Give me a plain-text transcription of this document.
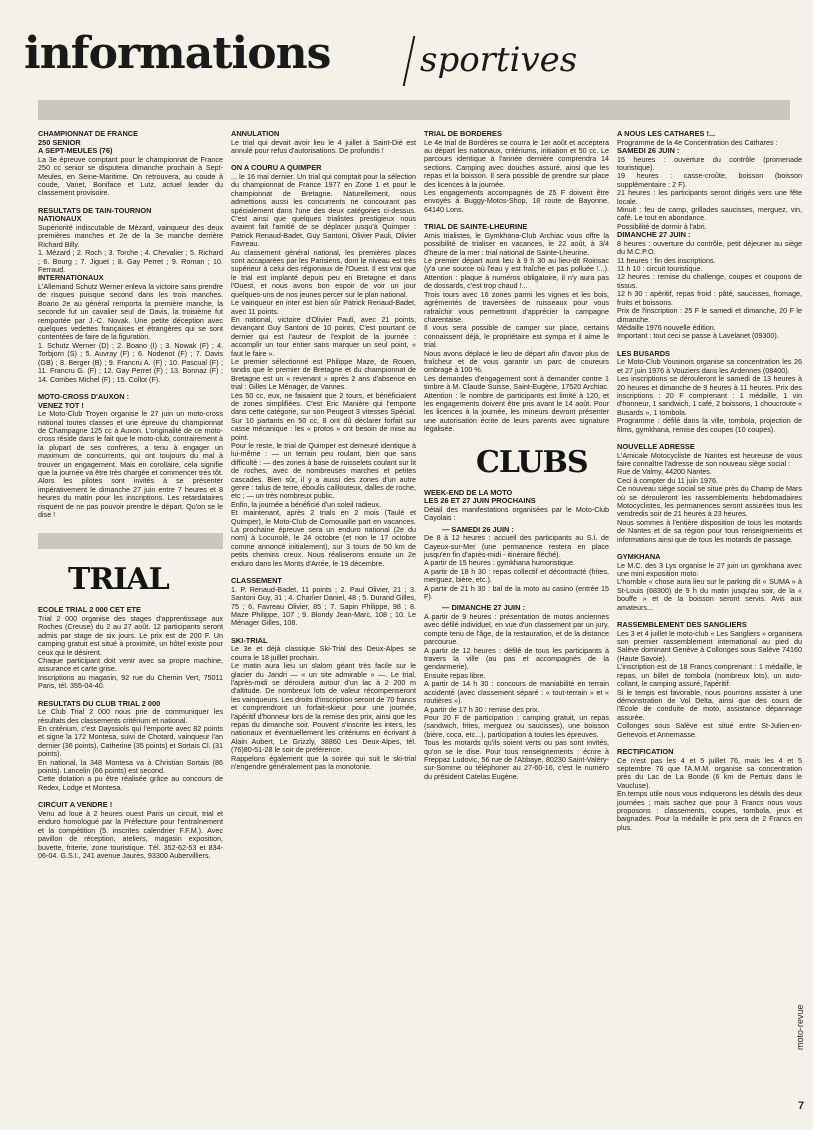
informations	sportives
CHAMPIONNAT DE FRANCE
250 SENIOR
A SEPT-MEULES (76)

La 3e épreuve comptant pour le championnat de France 250 cc senior se disputera dimanche prochain à Sept-Meules, en Seine-Maritime. On retrouvera, au coude à coude, Vanet, Boniface et Lutz, actuel leader du classement provisoire.

RESULTATS DE TAIN-TOURNON
NATIONAUX

Supériorité indiscutable de Mézard, vainqueur des deux premières manches et 2e de la 3e manche derrière Richard Billy.

1. Mézard ; 2. Roch ; 3. Torche ; 4. Chevalier ; 5. Richard ; 6. Bourg ; 7. Jiguet ; 8. Gay Perret ; 9. Roman ; 10. Ferraud.

INTERNATIONAUX

L'Allemand Schutz Werner enleva la victoire sans prendre de risques puisque second dans les trois manches. Boano 2e au général remporta la première manche, la seconde fut un cavalier seul de Davis, la troisième fut remportée par J.-C. Novak. Une petite déception avec quelques vedettes françaises et étrangères qui se sont contentées de faire de la figuration.

1. Schutz Werner (D) ; 2. Boano (I) ; 3. Nowak (F) ; 4. Torbjorn (S) ; 5. Auvray (F) ; 6. Nodenot (F) ; 7. Davis (GB) ; 8. Berger (B) ; 9. Francru A. (F) ; 10. Pascual (F) ; 11. Francru G. (F) ; 12. Gay Perret (F) ; 13. Bonnaz (F) ; 14. Combes Michel (F) ; 15. Collot (F).

MOTO-CROSS D'AUXON :
VENEZ TOT !

Le Moto-Club Troyen organise le 27 juin un moto-cross national toutes classes et une épreuve du championnat de Champagne 125 cc à Auxon. L'originalité de ce moto-cross réside dans le fait que le moto-club, contrairement à la plupart de ses confrères, a tenu à engager un maximum de concurrents, qui ont toujours du mal à trouver un engagement. Mais en corollaire, cela signifie que la journée va être très chargée et commencer très tôt. Alors les pilotes sont invités à se présenter impérativement le dimanche 27 juin entre 7 heures et 8 heures du matin pour les inscriptions. Les retardataires risquent de ne pas pouvoir prendre le départ. Qu'on se le dise !

TRIAL
ECOLE TRIAL 2 000 CET ETE

Trial 2 000 organise des stages d'apprentissage aux Roches (Creuse) du 2 au 27 août. 12 participants seront admis par stage de six jours. Le prix est de 200 F. Un camping gratuit est situé à proximité, un hôtel existe pour ceux qui le désirent.

Chaque participant doit venir avec sa propre machine, assurance et carte grise.

Inscriptions au magasin, 92 rue du Chemin Vert, 75011 Paris, tél. 355-04-40.

RESULTATS DU CLUB TRIAL 2 000

Le Club Trial 2 000 nous prie de communiquer les résultats des classements critérium et national.

En critérium, c'est Dayssiols qui l'emporte avec 82 points et signe la 172 Montesa, suivi de Chotard, vainqueur l'an dernier (36 points), Catherine (35 points) et Sortais Cl. (31 points).

En national, la 348 Montesa va à Christian Sortais (86 points). Lancelin (66 points) est second.

Cette dotation a pu être réalisée grâce au concours de Redex, Lodge et Montesa.

CIRCUIT A VENDRE !

Venu ad loue à 2 heures ouest Paris un circuit, trial et enduro homologué par la Préfecture pour l'entraînement et la compétition (5. inscrites calendrier F.F.M.). Avec pavillon de réception, ateliers, magasin exposition, buvette, friterie, zone touristique. Tél. 352-62-53 et 834-06-04. G.S.I., 241 avenue Jaurès, 93300 Aubervilliers.

ANNULATION

Le trial qui devait avoir lieu le 4 juillet à Saint-Dié est annulé pour refus d'autorisations. De profundis !

ON A COURU A QUIMPER

... le 16 mai dernier. Un trial qui comptait pour la sélection du championnat de France 1977 en Zone 1 et pour le championnat de Bretagne. Naturellement, nous admettions aussi les concurrents ne concourant pas spécialement dans l'une des deux catégories ci-dessus. C'est ainsi que quelques trialistes prestigieux nous avaient fait l'amitié de se déplacer jusqu'à Quimper : Patrick Renaud-Badet, Guy Santoni, Olivier Pauli, Olivier Favreau.

Au classement général national, les premières places sont accaparées par les Parisiens, dont le niveau est très supérieur à celui des régionaux de l'Ouest. Il est vrai que le trial est implanté depuis peu en Bretagne et dans l'Ouest, et nous avons bon espoir de voir un jour quelques-uns de nos jeunes percer sur le plan national.

Le vainqueur en inter est bien sûr Patrick Renaud-Badet, avec 11 points.

En national, victoire d'Olivier Pauli, avec 21 points, devançant Guy Santoni de 10 points. C'est pourtant ce dernier qui est l'auteur de l'exploit de la journée : accomplir un tour entier sans marquer un seul point, « faut le faire ».

Le premier sélectionné est Philippe Maze, de Rouen, tandis que le premier de Bretagne et du championnat de Bretagne est un « revenant » après 2 ans d'absence en trial : Gilles Le Ménager, de Vannes.

Les 50 cc, eux, ne faisaient que 2 tours, et bénéficiaient de zones simplifiées. C'est Eric Manière qui l'emporte dans cette catégorie, sur son Peugeot 3 vitesses Spécial. Sur 10 partants en 50 cc, 8 ont dû déclarer forfait sur casse mécanique : les « protos » ont besoin de mise au point.

Pour le reste, le trial de Quimper est demeuré identique à lui-même : — un terrain peu roulant, bien que sans difficulté : — des zones à base de ruisselets coulant sur lit de roches, avec de nombreuses marches et petites cascades. Bien sûr, il y a aussi des zones d'un autre genre : talus de terre, éboulis caillouteux, dalles de roche, etc ; — un très nombreux public.

Enfin, la journée a bénéficié d'un soleil radieux.

Et maintenant, après 2 trials en 2 mois (Taulé et Quimper), le Moto-Club de Cornouaille part en vacances. La prochaine épreuve sera un enduro national (2e du nom) à Locunolé, le 24 octobre (et non le 17 octobre comme annoncé initialement), sur 3 tours de 50 km de petits chemins creux. Nous réaliserons ensuite un 2e enduro dans les Monts d'Arrée, le 19 décembre.

CLASSEMENT

1. P. Renaud-Badet, 11 points ; 2. Paul Olivier, 21 ; 3. Santoni Guy, 31 ; 4. Charlier Daniel, 48 ; 5. Durand Gilles, 75 ; 6. Favreau Olivier, 85 ; 7. Sapin Philippe, 98 ; 8. Maze Philippe, 107 ; 9. Blondy Jean-Marc, 108 ; 10. Le Ménager Gilles, 108.

SKI-TRIAL

Le 3e et déjà classique Ski-Trial des Deux-Alpes se courra le 18 juillet prochain.

Le matin aura lieu un slalom géant très facile sur le glacier du Jandri — « un site admirable » —. Le trial, l'après-midi se déroulera autour d'un lac à 2 200 m d'altitude. De nombreux lots de valeur récompenseront les vainqueurs. Les droits d'inscription seront de 70 francs et comprendront un forfait-skieur pour une journée, l'apéritif d'honneur lors de la remise des prix, ainsi que les repas du dimanche soir. Pouvent s'inscrire les inters, les nationaux et éventuellement les critériums en écrivant à Alain Aubert, Le Grizzly, 38860 Les Deux-Alpes, tél. (76)80-51-28 le soir de préférence.

Rappelons également que la soirée qui suit le ski-trial n'engendre généralement pas la monotonie.

TRIAL DE BORDERES

Le 4e trial de Bordères se courra le 1er août et acceptera au départ les nationaux, critériums, initiation et 50 cc. Le parcours identique à l'année dernière comprendra 14 sections. Camping avec douches assuré, ainsi que les repas et la boisson. Il sera possible de prendre sur place des licences à la journée.

Les engagements accompagnés de 25 F doivent être envoyés à Buggy-Motos-Shop, 18 route de Bayonne, 64140 Lons.

TRIAL DE SAINTE-LHEURINE

Amis trialistes, le Gymkhana-Club Archiac vous offre la possibilité de trialiser en vacances, le 22 août, à 3/4 d'heure de la mer : trial national de Sainte-Lheurine.

Le premier départ aura lieu à 9 h 30 au lieu-dit Roinsac (y'a une source où l'eau y est fraîche et pas polluée !...). Attention : plaque à numéros obligatoire, il n'y aura pas de dossards, c'est trop chaud !...

Trois tours avec 16 zones parmi les vignes et les bois, agrémentés de traversées de ruisseaux pour vous rafraîchir vous permettront d'apprécier la campagne charentaise.

Il vous sera possible de camper sur place, certains connaissent déjà, le propriétaire est sympa et il aime le trial.

Nous avons déplacé le lieu de départ afin d'avoir plus de fraîcheur et de vous garantir un parc de coureurs ombragé à 100 %.

Les demandes d'engagement sont à demander contre 1 timbre à M. Claude Suisse, Saint-Eugène, 17520 Archiac. Attention : le nombre de participants est limité à 120, et les engagements doivent être pris avant le 14 août. Pour les licences à la journée, les mineurs devront présenter une autorisation écrite de leurs parents avec signature légalisée.

CLUBS
WEEK-END DE LA MOTO
LES 26 ET 27 JUIN PROCHAINS

Détail des manifestations organisées par le Moto-Club Cayolais :

— SAMEDI 26 JUIN :

De 8 à 12 heures : accueil des participants au S.I. de Cayeux-sur-Mer (une permanence restera en place jusqu'en fin d'après-midi - itinéraire fléché).

A partir de 15 heures : gymkhana humoristique.

A partir de 18 h 30 : repas collectif et décontracté (frites, merguez, bière, etc.).

A partir de 21 h 30 : bal de la moto au casino (entrée 15 F).

— DIMANCHE 27 JUIN :

A partir de 9 heures : présentation de motos anciennes avec défilé individuel, en vue d'un classement par un jury, compte tenu de l'âge, de la restauration, et de la distance parcourue.

A partir de 12 heures : défilé de tous les participants à travers la ville (au pas et accompagnés de la gendarmerie).

Ensuite repas libre.

A partir de 14 h 30 : concours de maniabilité en terrain accidenté (avec classement séparé : « tout-terrain » et « routières »).

A partir de 17 h 30 : remise des prix.

Pour 20 F de participation : camping gratuit, un repas (sandwich, frites, merguez ou saucisses), une boisson (bière, coca, etc...), participation à toutes les épreuves.

Tous les motards qu'ils soient verts ou pas sont invités, qu'on se le dise. Pour tous renseignements : écrire à Freppaz Ludovic, 56 rue de l'Abbaye, 80230 Saint-Valéry-sur-Somme ou téléphoner au 27-60-16, c'est le numéro du président Catelas Eugène.

A NOUS LES CATHARES !...

Programme de la 4e Concentration des Cathares :

SAMEDI 26 JUIN :

15 heures : ouverture du contrôle (promenade touristique).

19 heures : casse-croûte, boisson (boisson supplémentaire : 2 F).

21 heures : les participants seront dirigés vers une fête locale.

Minuit : feu de camp, grillades saucisses, merguez, vin, café. Le tout en abondance.

Possibilité de dormir à l'abri.

DIMANCHE 27 JUIN :

8 heures : ouverture du contrôle, petit déjeuner au siège du M.C.P.O.

11 heures : fin des inscriptions.

11 h 10 : circuit touristique.

12 heures : remise du challenge, coupes et coupons de tissus.

12 h 30 : apéritif, repas froid : pâté, saucisses, fromage, fruits et boissons.

Prix de l'inscription : 25 F le samedi et dimanche, 20 F le dimanche.

Médaille 1976 nouvelle édition.

Important : tout ceci se passe à Lavelanet (09300).

LES BUSARDS

Le Moto-Club Vousinois organise sa concentration les 26 et 27 juin 1976 à Vouziers dans les Ardennes (08400).

Les inscriptions se dérouleront le samedi de 13 heures à 20 heures et dimanche de 9 heures à 11 heures. Prix des inscriptions : 20 F comprenant : 1 médaille, 1 vin d'honneur, 1 sandwich, 1 café, 2 boissons, 1 choucroute « Busards », 1 tombola.

Programme : défilé dans la ville, tombola, projection de films, gymkhana, remise des coupes (10 coupes).

NOUVELLE ADRESSE

L'Amicale Motocycliste de Nantes est heureuse de vous faire connaître l'adresse de son nouveau siège social :

Rue de Valmy, 44200 Nantes.

Ceci à compter du 11 juin 1976.

Ce nouveau siège social se situe près du Champ de Mars où se dérouleront les rassemblements hebdomadaires Motocyclistes, les permanences seront assurées tous les vendredis soir de 21 heures à 23 heures.

Nous sommes à l'entière disposition de tous les motards de Nantes et de sa région pour tous renseignements et informations ainsi que de tous les motards de passage.

GYMKHANA

Le M.C. des 3 Lys organise le 27 juin un gymkhana avec une mini exposition moto.

L'horrible « chose aura lieu sur le parking dit « SUMA » à St-Louis (68300) de 9 h du matin jusqu'au soir, de la « bouffe » et de la boisson seront servis. Avis aux amateurs...

RASSEMBLEMENT DES SANGLIERS

Les 3 et 4 juillet le moto-club « Les Sangliers » organisera son premier rassemblement international au pied du Salève dominant Genève à Collonges sous Salève 74160 (Haute Savoie).

L'inscription est de 18 Francs comprenant : 1 médaille, le repas, un billet de tombola (nombreux lots), un auto-collant, le camping assuré, l'apéritif.

Si le temps est favorable, nous pourrons assister à une démonstration de Vol Delta, ainsi que des cours de l'Ecole de conduite de moto, assistance dépannage assurée.

Collonges sous Salève est situé entre St-Julien-en-Genevois et Annemasse.

RECTIFICATION

Ce n'est pas les 4 et 5 juillet 76, mais les 4 et 5 septembre 76 que l'A.M.M. organise sa concentration près du Lac de La Bonde (6 km de Pertuis dans le Vaucluse).

En temps utile nous vous indiquerons les détails des deux journées ; mais sachez que pour 3 Francs nous vous proposons : classements, coupes, tombola, jeux et baignades. Pour la médaille le prix sera de 2 Francs en plus.

moto-revue
7
